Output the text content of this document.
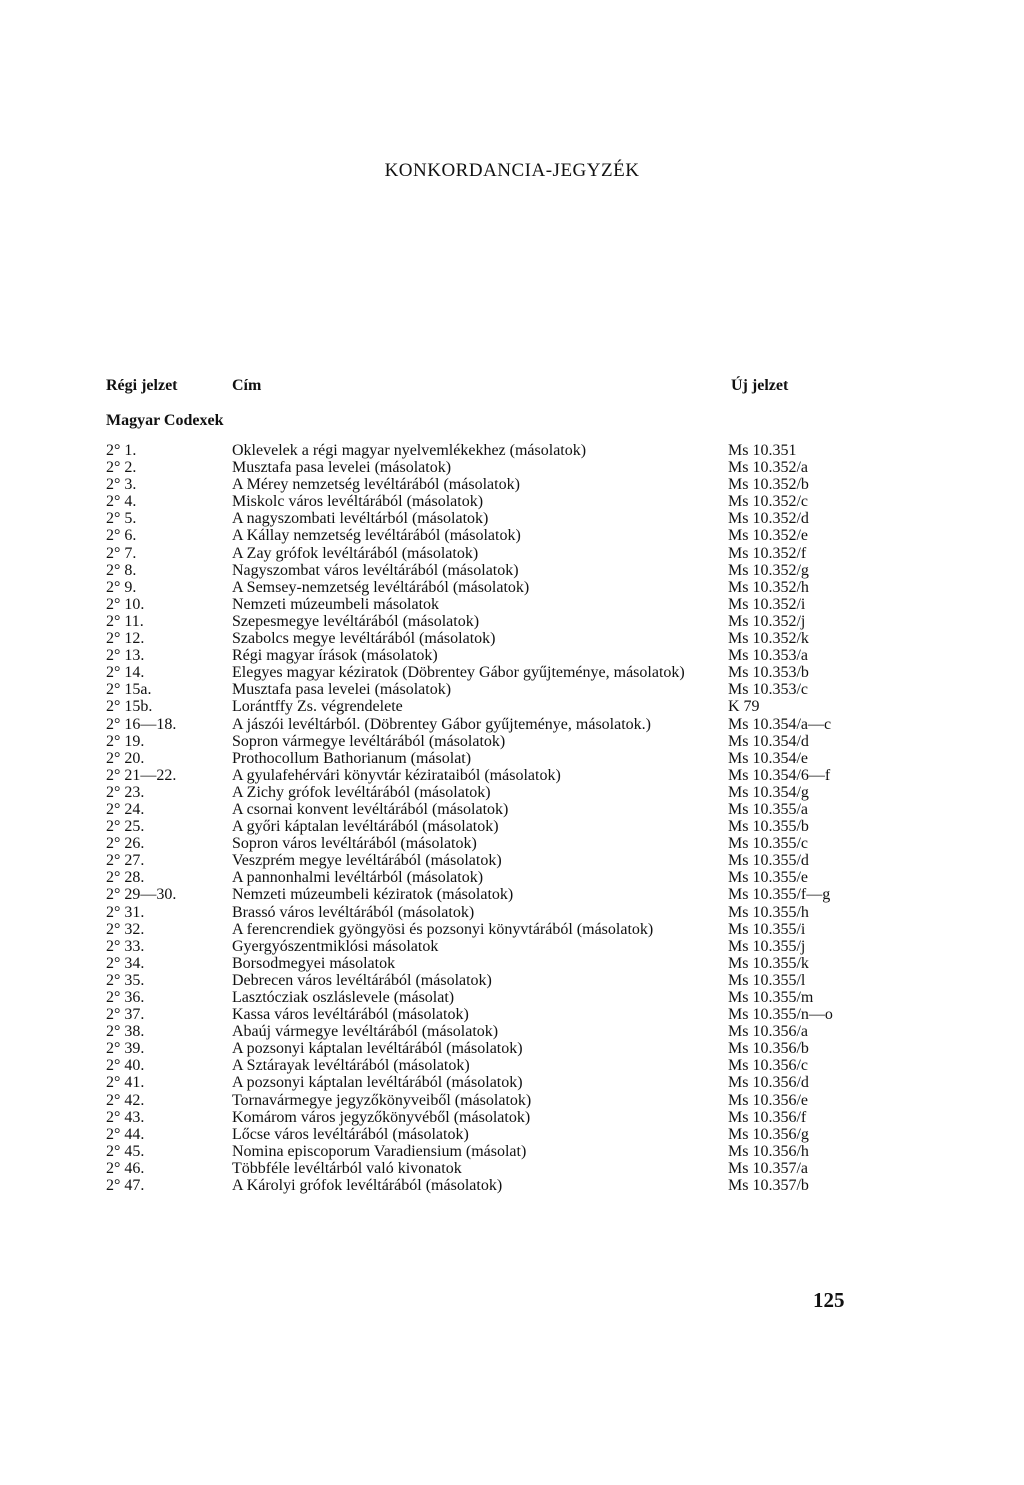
KONKORDANCIA-JEGYZÉK
Régi jelzet	Cím	Új jelzet
Magyar Codexek
2° 1.	Oklevelek a régi magyar nyelvemlékekhez (másolatok)	Ms 10.351
2° 2.	Musztafa pasa levelei (másolatok)	Ms 10.352/a
2° 3.	A Mérey nemzetség levéltárából (másolatok)	Ms 10.352/b
2° 4.	Miskolc város levéltárából (másolatok)	Ms 10.352/c
2° 5.	A nagyszombati levéltárból (másolatok)	Ms 10.352/d
2° 6.	A Kállay nemzetség levéltárából (másolatok)	Ms 10.352/e
2° 7.	A Zay grófok levéltárából (másolatok)	Ms 10.352/f
2° 8.	Nagyszombat város levéltárából (másolatok)	Ms 10.352/g
2° 9.	A Semsey-nemzetség levéltárából (másolatok)	Ms 10.352/h
2° 10.	Nemzeti múzeumbeli másolatok	Ms 10.352/i
2° 11.	Szepesmegye levéltárából (másolatok)	Ms 10.352/j
2° 12.	Szabolcs megye levéltárából (másolatok)	Ms 10.352/k
2° 13.	Régi magyar írások (másolatok)	Ms 10.353/a
2° 14.	Elegyes magyar kéziratok (Döbrentey Gábor gyűjteménye, másolatok)	Ms 10.353/b
2° 15a.	Musztafa pasa levelei (másolatok)	Ms 10.353/c
2° 15b.	Lorántffy Zs. végrendelete	K 79
2° 16—18.	A jászói levéltárból. (Döbrentey Gábor gyűjteménye, másolatok.)	Ms 10.354/a—c
2° 19.	Sopron vármegye levéltárából (másolatok)	Ms 10.354/d
2° 20.	Prothocollum Bathorianum (másolat)	Ms 10.354/e
2° 21—22.	A gyulafehérvári könyvtár kézirataiból (másolatok)	Ms 10.354/6—f
2° 23.	A Zichy grófok levéltárából (másolatok)	Ms 10.354/g
2° 24.	A csornai konvent levéltárából (másolatok)	Ms 10.355/a
2° 25.	A győri káptalan levéltárából (másolatok)	Ms 10.355/b
2° 26.	Sopron város levéltárából (másolatok)	Ms 10.355/c
2° 27.	Veszprém megye levéltárából (másolatok)	Ms 10.355/d
2° 28.	A pannonhalmi levéltárból (másolatok)	Ms 10.355/e
2° 29—30.	Nemzeti múzeumbeli kéziratok (másolatok)	Ms 10.355/f—g
2° 31.	Brassó város levéltárából (másolatok)	Ms 10.355/h
2° 32.	A ferencrendiek gyöngyösi és pozsonyi könyvtárából (másolatok)	Ms 10.355/i
2° 33.	Gyergyószentmiklósi másolatok	Ms 10.355/j
2° 34.	Borsodmegyei másolatok	Ms 10.355/k
2° 35.	Debrecen város levéltárából (másolatok)	Ms 10.355/l
2° 36.	Lasztócziak oszláslevele (másolat)	Ms 10.355/m
2° 37.	Kassa város levéltárából (másolatok)	Ms 10.355/n—o
2° 38.	Abaúj vármegye levéltárából (másolatok)	Ms 10.356/a
2° 39.	A pozsonyi káptalan levéltárából (másolatok)	Ms 10.356/b
2° 40.	A Sztárayak levéltárából (másolatok)	Ms 10.356/c
2° 41.	A pozsonyi káptalan levéltárából (másolatok)	Ms 10.356/d
2° 42.	Tornavármegye jegyzőkönyveiből (másolatok)	Ms 10.356/e
2° 43.	Komárom város jegyzőkönyvéből (másolatok)	Ms 10.356/f
2° 44.	Lőcse város levéltárából (másolatok)	Ms 10.356/g
2° 45.	Nomina episcoporum Varadiensium (másolat)	Ms 10.356/h
2° 46.	Többféle levéltárból való kivonatok	Ms 10.357/a
2° 47.	A Károlyi grófok levéltárából (másolatok)	Ms 10.357/b
125
